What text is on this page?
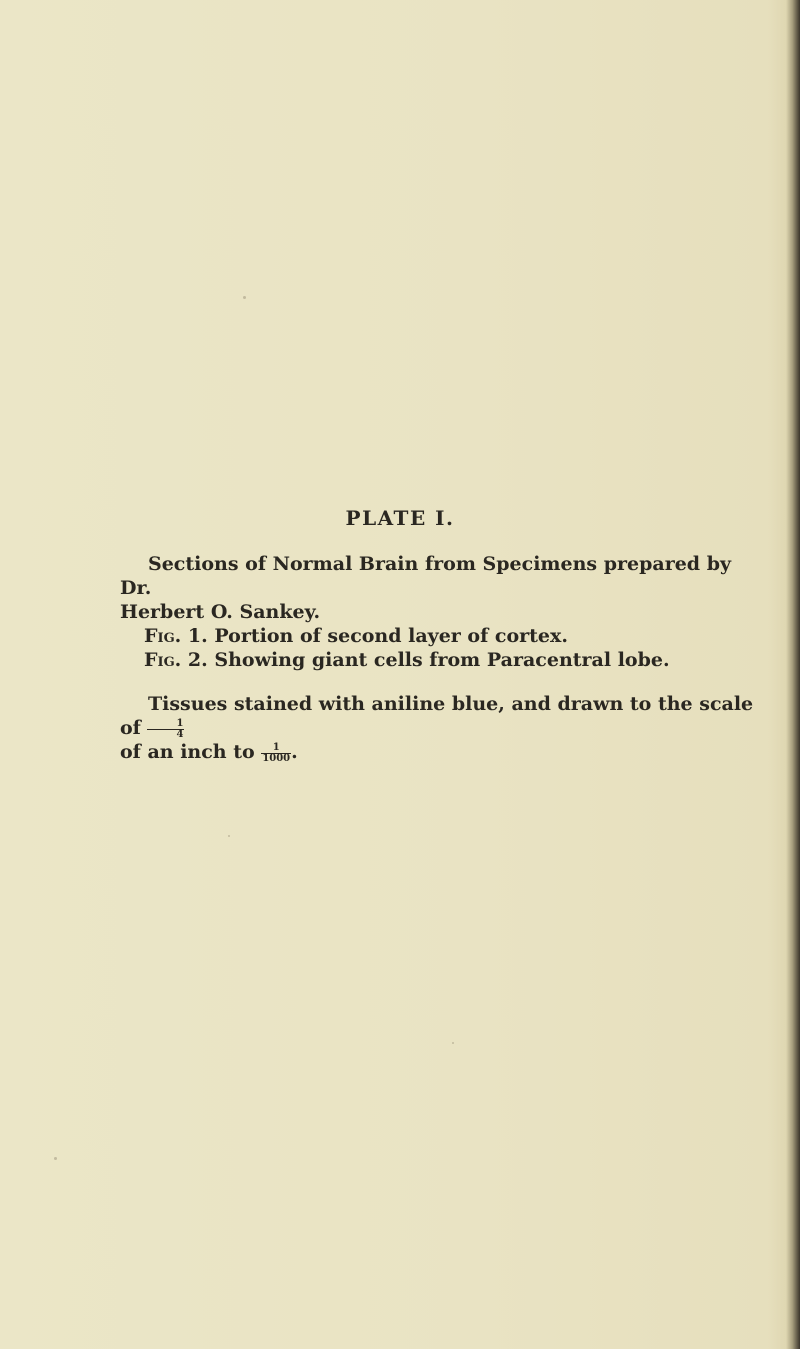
PLATE I.

Sections of Normal Brain from Specimens prepared by Dr.

Herbert O. Sankey.

Fig. 1. Portion of second layer of cortex.

Fig. 2. Showing giant cells from Paracentral lobe.

Tissues stained with aniline blue, and drawn to the scale of $\frac{1}{4}$

of an inch to $\frac{1}{1000}$ .
